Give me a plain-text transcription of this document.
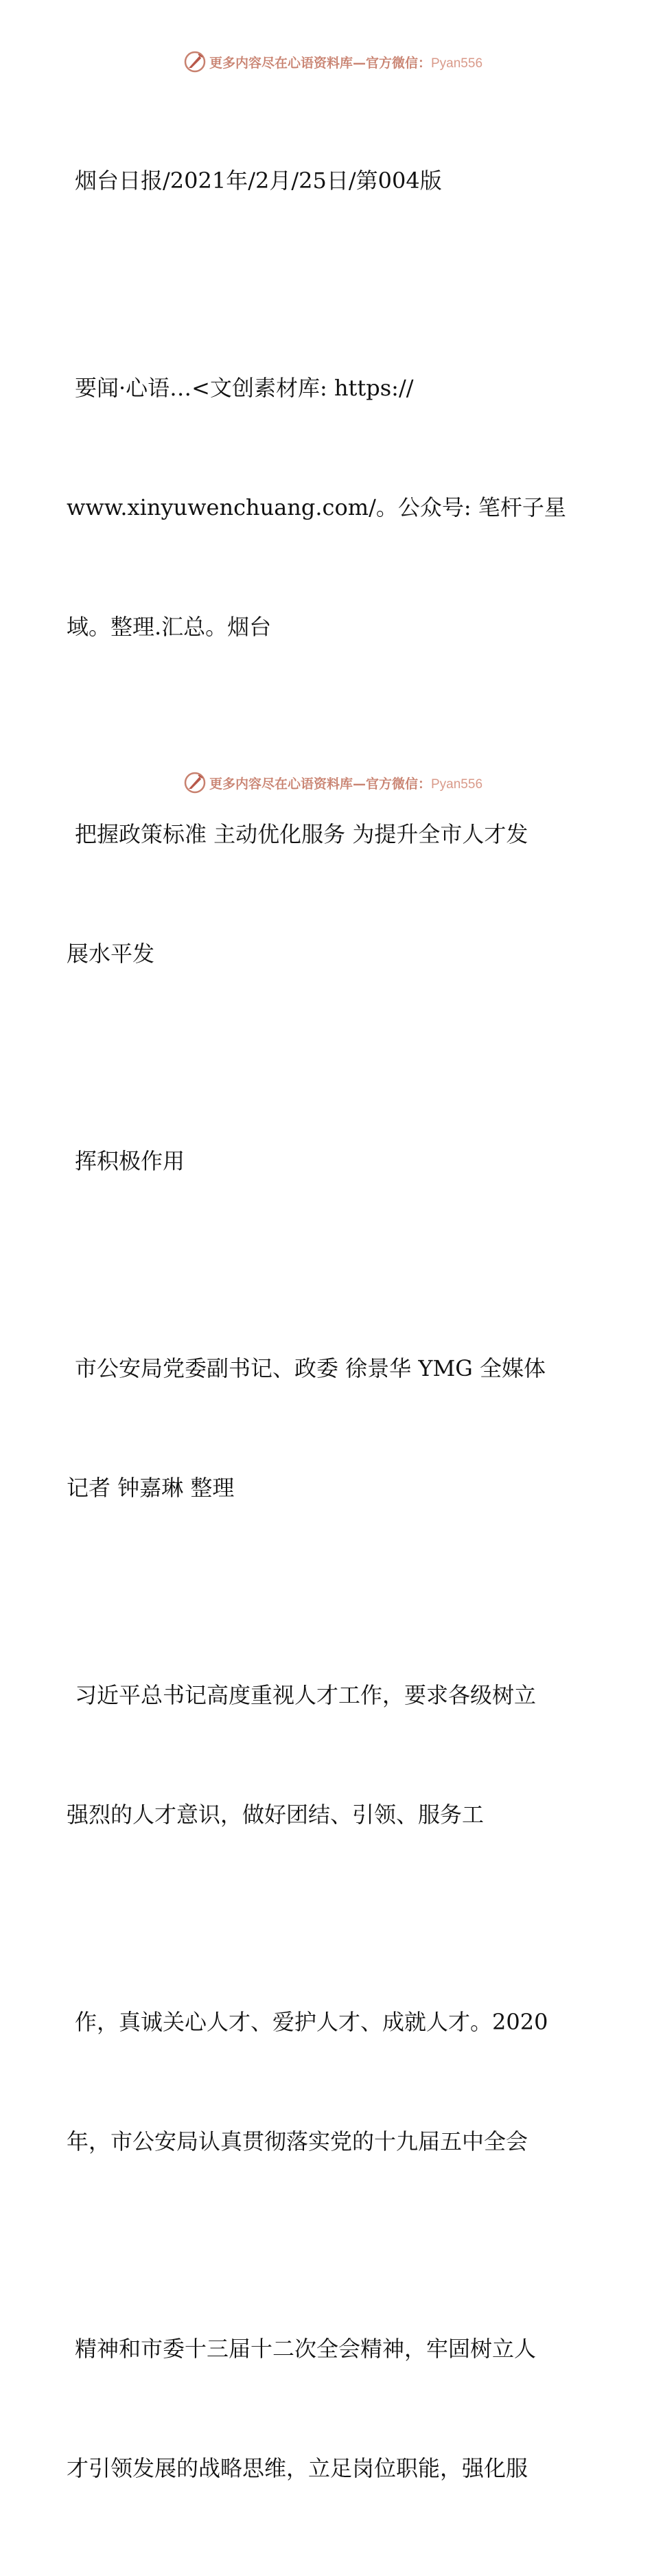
更多内容尽在心语资料库—官方微信：Pyan556

烟台日报/2021年/2月/25日/第004版

要闻·心语…<文创素材库: https://

www.xinyuwenchuang.com/。公众号: 笔杆子星

域。整理.汇总。烟台

把握政策标准 主动优化服务 为提升全市人才发

展水平发

挥积极作用

市公安局党委副书记、政委 徐景华 YMG 全媒体

记者 钟嘉琳 整理

习近平总书记高度重视人才工作，要求各级树立

强烈的人才意识，做好团结、引领、服务工

作，真诚关心人才、爱护人才、成就人才。2020

年，市公安局认真贯彻落实党的十九届五中全会

精神和市委十三届十二次全会精神，牢固树立人

才引领发展的战略思维，立足岗位职能，强化服

更多内容尽在心语资料库—官方微信：Pyan556
